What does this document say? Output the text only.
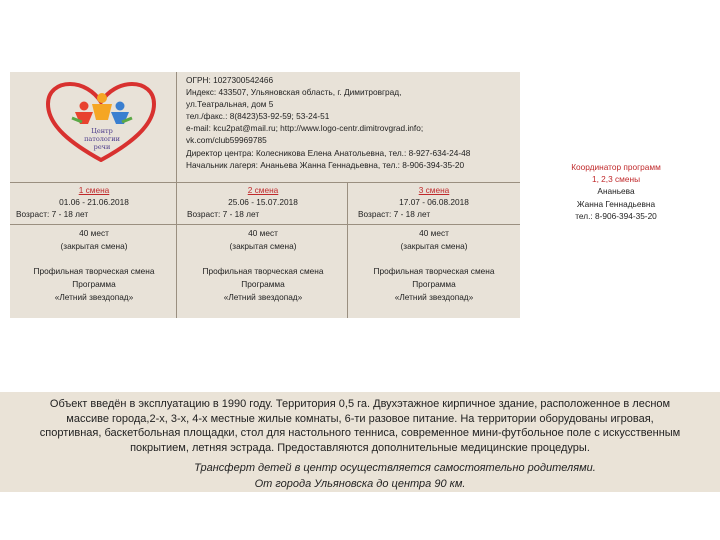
Центр
патологии
речи
ОГРН: 1027300542466
Индекс: 433507, Ульяновская область, г. Димитровград,
ул.Театральная, дом 5
тел./факс.: 8(8423)53-92-59; 53-24-51
e-mail: kcu2pat@mail.ru; http://www.logo-centr.dimitrovgrad.info;
vk.com/club59969785
Директор центра: Колесникова Елена Анатольевна, тел.: 8-927-634-24-48
Начальник лагеря: Ананьева Жанна Геннадьевна, тел.: 8-906-394-35-20
1 смена
01.06 - 21.06.2018
Возраст: 7 - 18 лет
40 мест
(закрытая смена)
Профильная творческая смена
Программа
«Летний звездопад»
2 смена
25.06 - 15.07.2018
Возраст: 7 - 18 лет
40 мест
(закрытая смена)
Профильная творческая смена
Программа
«Летний звездопад»
3 смена
17.07 - 06.08.2018
Возраст: 7 - 18 лет
40 мест
(закрытая смена)
Профильная творческая смена
Программа
«Летний звездопад»
Координатор программ
1, 2,3 смены
Ананьева
Жанна Геннадьевна
тел.: 8-906-394-35-20
Объект введён в эксплуатацию в 1990 году. Территория 0,5 га. Двухэтажное кирпичное здание, расположенное в лесном
массиве города,2-х, 3-х, 4-х местные жилые комнаты, 6-ти разовое питание. На территории оборудованы игровая,
спортивная, баскетбольная площадки, стол для настольного тенниса, современное мини-футбольное поле с искусственным
покрытием, летняя эстрада. Предоставляются дополнительные медицинские процедуры.
Трансферт детей в центр осуществляется самостоятельно родителями.
От города Ульяновска до центра 90 км.
